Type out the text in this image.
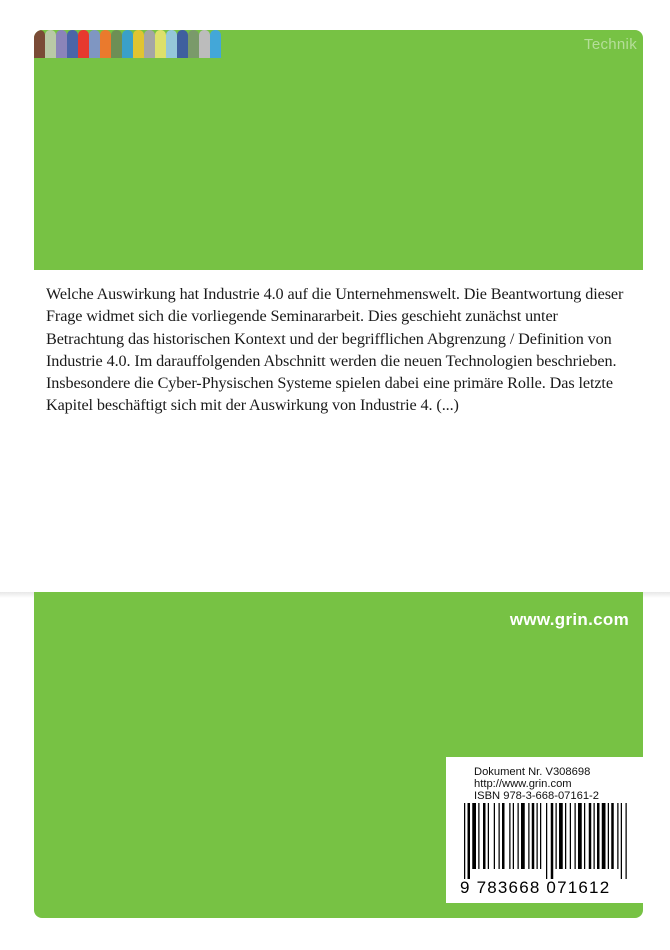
Technik

Welche Auswirkung hat Industrie 4.0 auf die Unternehmenswelt. Die Beantwortung dieser Frage widmet sich die vorliegende Seminararbeit. Dies geschieht zunächst unter Betrachtung das historischen Kontext und der begrifflichen Abgrenzung / Definition von Industrie 4.0. Im darauffolgenden Abschnitt werden die neuen Technologien beschrieben. Insbesondere die Cyber-Physischen Systeme spielen dabei eine primäre Rolle. Das letzte Kapitel beschäftigt sich mit der Auswirkung von Industrie 4. (...)

www.grin.com
Dokument Nr. V308698
http://www.grin.com
ISBN 978-3-668-07161-2
9 783668 071612
